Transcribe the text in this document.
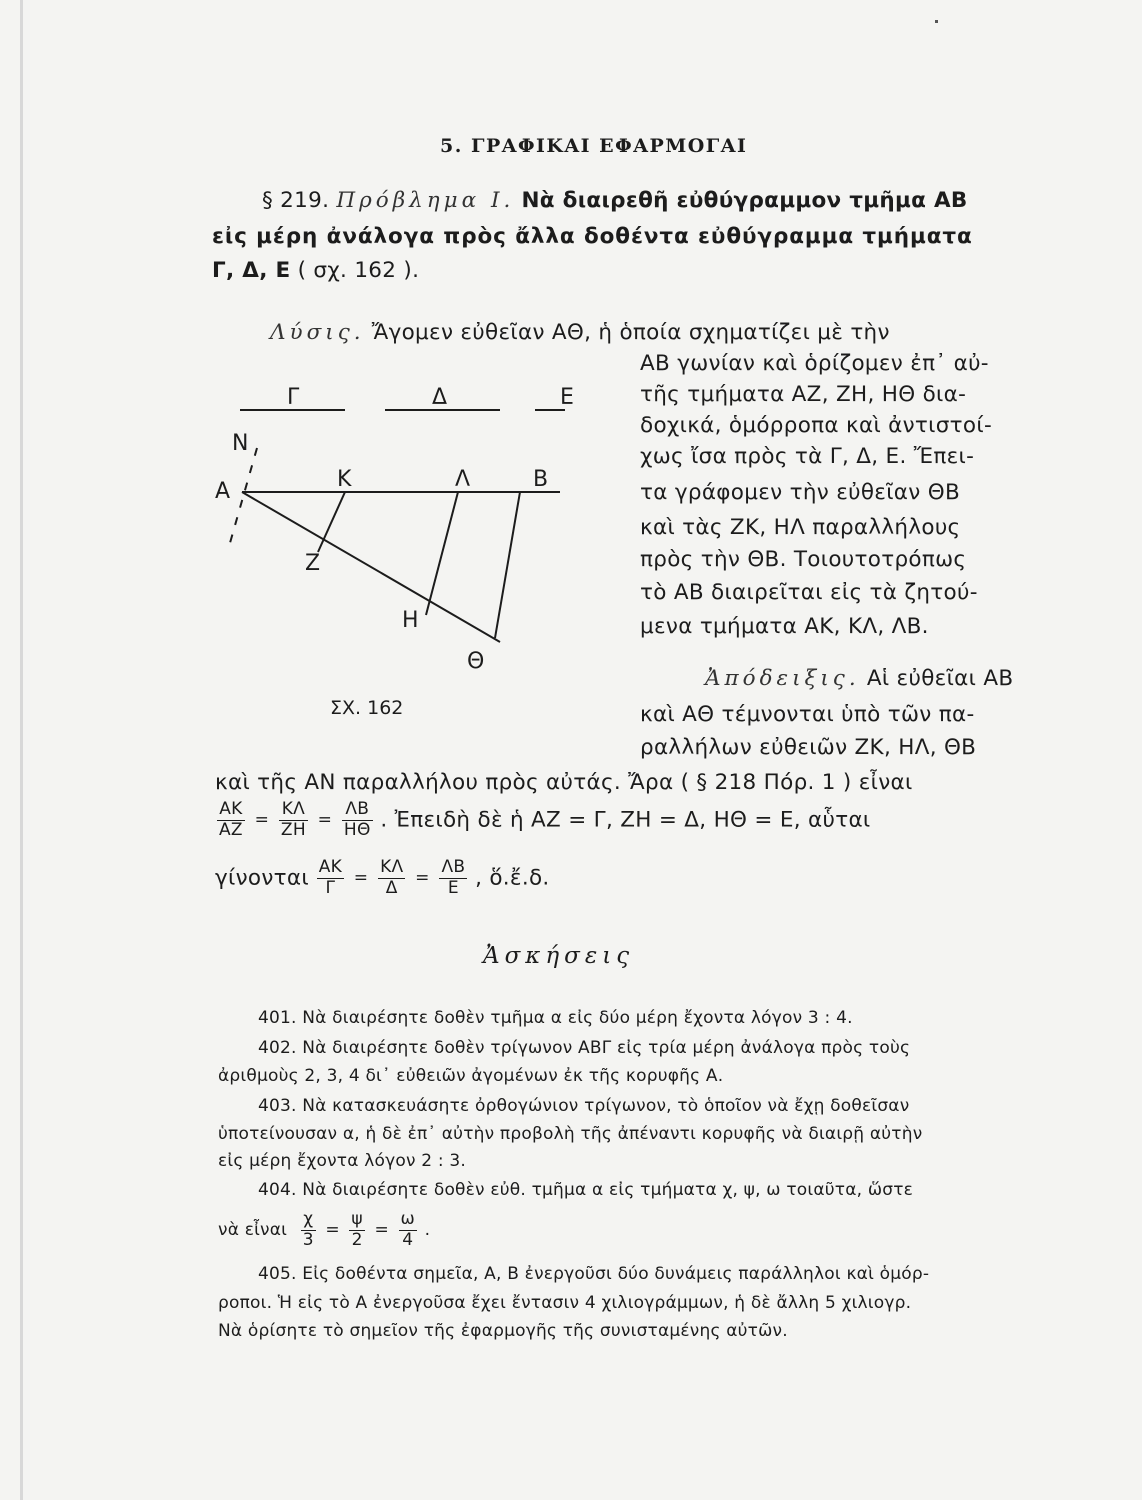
5. ΓΡΑΦΙΚΑΙ ΕΦΑΡΜΟΓΑΙ
§ 219. Πρόβλημα I. Νὰ διαιρεθῆ εὐθύγραμμον τμῆμα ΑΒ
εἰς μέρη ἀνάλογα πρὸς ἄλλα δοθέντα εὐθύγραμμα τμήματα
Γ, Δ, Ε ( σχ. 162 ).
Λύσις. Ἄγομεν εὐθεῖαν ΑΘ, ἡ ὁποία σχηματίζει μὲ τὴν
ΑΒ γωνίαν καὶ ὁρίζομεν ἐπ᾿ αὐ-
τῆς τμήματα ΑΖ, ΖΗ, ΗΘ δια-
δοχικά, ὁμόρροπα καὶ ἀντιστοί-
χως ἴσα πρὸς τὰ Γ, Δ, Ε. Ἔπει-
τα γράφομεν τὴν εὐθεῖαν ΘΒ
καὶ τὰς ΖΚ, ΗΛ παραλλήλους
πρὸς τὴν ΘΒ. Τοιουτοτρόπως
τὸ ΑΒ διαιρεῖται εἰς τὰ ζητού-
μενα τμήματα ΑΚ, ΚΛ, ΛΒ.
Γ	Δ	Ε
N
A	K	Λ	B
Z
H
Θ
ΣΧ. 162
Ἀπόδειξις. Αἱ εὐθεῖαι ΑΒ
καὶ ΑΘ τέμνονται ὑπὸ τῶν πα-
ραλλήλων εὐθειῶν ΖΚ, ΗΛ, ΘΒ
καὶ τῆς ΑΝ παραλλήλου πρὸς αὐτάς. Ἄρα ( § 218 Πόρ. 1 ) εἶναι
$\frac{AK}{AZ} = \frac{K\Lambda}{ZH} = \frac{\Lambda B}{H\Theta}$ . Ἐπειδὴ δὲ ἡ ΑΖ = Γ, ΖΗ = Δ, ΗΘ = Ε, αὗται
γίνονται $\frac{AK}{\Gamma} = \frac{K\Lambda}{\Delta} = \frac{\Lambda B}{E}$ , ὅ.ἔ.δ.
Ἀσκήσεις
401. Νὰ διαιρέσητε δοθὲν τμῆμα α εἰς δύο μέρη ἔχοντα λόγον 3 : 4.
402. Νὰ διαιρέσητε δοθὲν τρίγωνον ΑΒΓ εἰς τρία μέρη ἀνάλογα πρὸς τοὺς
ἀριθμοὺς 2, 3, 4 δι᾿ εὐθειῶν ἀγομένων ἐκ τῆς κορυφῆς Α.
403. Νὰ κατασκευάσητε ὀρθογώνιον τρίγωνον, τὸ ὁποῖον νὰ ἔχῃ δοθεῖσαν
ὑποτείνουσαν α, ἡ δὲ ἐπ᾿ αὐτὴν προβολὴ τῆς ἀπέναντι κορυφῆς νὰ διαιρῇ αὐτὴν
εἰς μέρη ἔχοντα λόγον 2 : 3.
404. Νὰ διαιρέσητε δοθὲν εὐθ. τμῆμα α εἰς τμήματα χ, ψ, ω τοιαῦτα, ὥστε
νὰ εἶναι $\frac{\chi}{3} = \frac{\psi}{2} = \frac{\omega}{4}$ .
405. Εἰς δοθέντα σημεῖα, Α, Β ἐνεργοῦσι δύο δυνάμεις παράλληλοι καὶ ὁμόρ-
ροποι. Ἡ εἰς τὸ Α ἐνεργοῦσα ἔχει ἔντασιν 4 χιλιογράμμων, ἡ δὲ ἄλλη 5 χιλιογρ.
Νὰ ὁρίσητε τὸ σημεῖον τῆς ἐφαρμογῆς τῆς συνισταμένης αὐτῶν.
